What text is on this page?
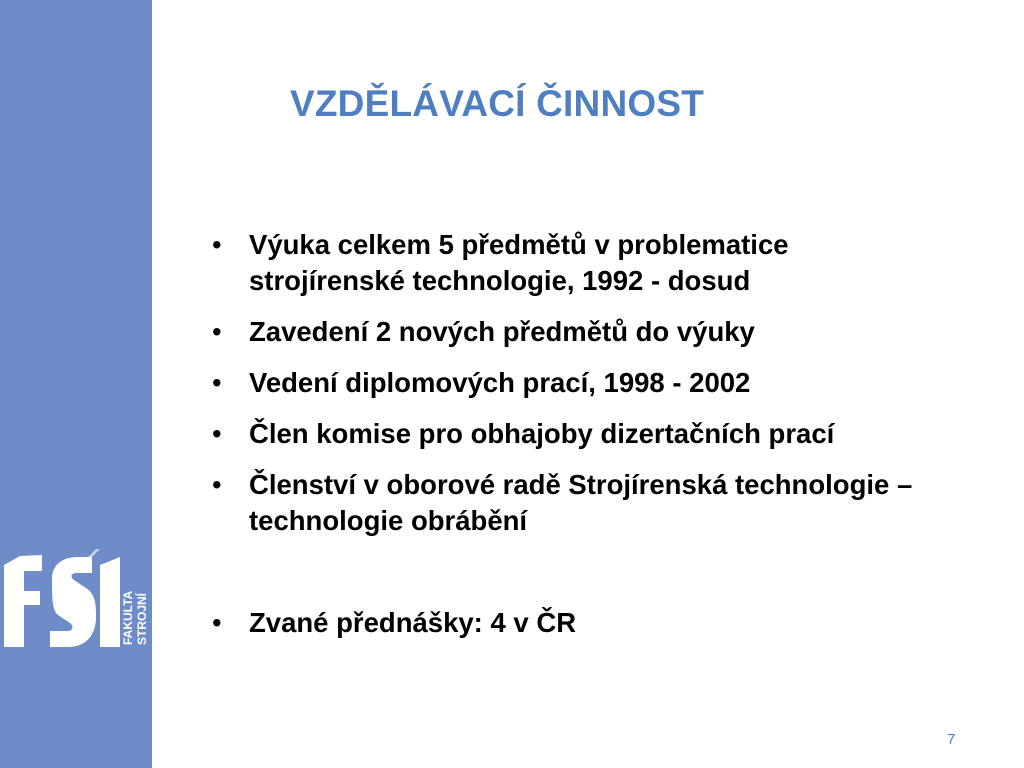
FAKULTA STROJNÍ
VZDĚLÁVACÍ ČINNOST
• Výuka celkem 5 předmětů v problematice strojírenské technologie, 1992 - dosud
• Zavedení 2 nových předmětů do výuky
• Vedení diplomových prací, 1998 - 2002
• Člen komise pro obhajoby dizertačních prací
• Členství v oborové radě Strojírenská technologie – technologie obrábění
• Zvané přednášky: 4 v ČR
7
